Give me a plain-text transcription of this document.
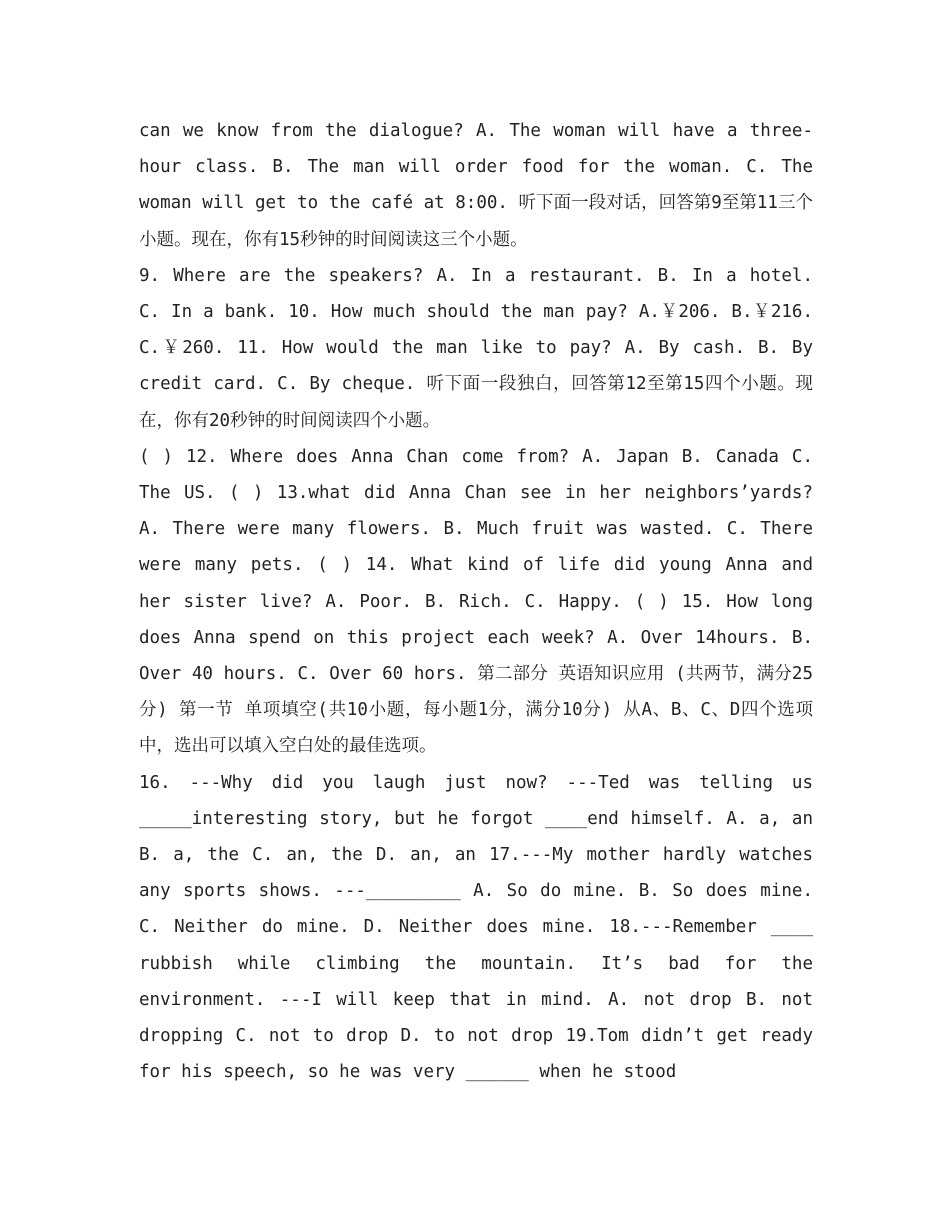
can we know from the dialogue? A. The woman will have a three-hour class. B. The man will order food for the woman. C. The woman will get to the café at 8:00. 听下面一段对话，回答第9至第11三个小题。现在，你有15秒钟的时间阅读这三个小题。

9. Where are the speakers? A. In a restaurant. B. In a hotel. C. In a bank. 10. How much should the man pay? A.￥206. B.￥216. C.￥260. 11. How would the man like to pay? A. By cash. B. By credit card. C. By cheque. 听下面一段独白，回答第12至第15四个小题。现在，你有20秒钟的时间阅读四个小题。

( ) 12. Where does Anna Chan come from? A. Japan B. Canada C. The US. ( ) 13.what did Anna Chan see in her neighbors’yards? A. There were many flowers. B. Much fruit was wasted. C. There were many pets. ( ) 14. What kind of life did young Anna and her sister live? A. Poor. B. Rich. C. Happy. ( ) 15. How long does Anna spend on this project each week? A. Over 14hours. B. Over 40 hours. C. Over 60 hors. 第二部分 英语知识应用 (共两节，满分25分) 第一节 单项填空(共10小题，每小题1分，满分10分) 从A、B、C、D四个选项中，选出可以填入空白处的最佳选项。

16. ---Why did you laugh just now? ---Ted was telling us _____interesting story, but he forgot ____end himself. A. a, an B. a, the C. an, the D. an, an 17.---My mother hardly watches any sports shows. ---_________ A. So do mine. B. So does mine. C. Neither do mine. D. Neither does mine. 18.---Remember ____ rubbish while climbing the mountain. It’s bad for the environment. ---I will keep that in mind. A. not drop B. not dropping C. not to drop D. to not drop 19.Tom didn’t get ready for his speech, so he was very ______ when he stood
